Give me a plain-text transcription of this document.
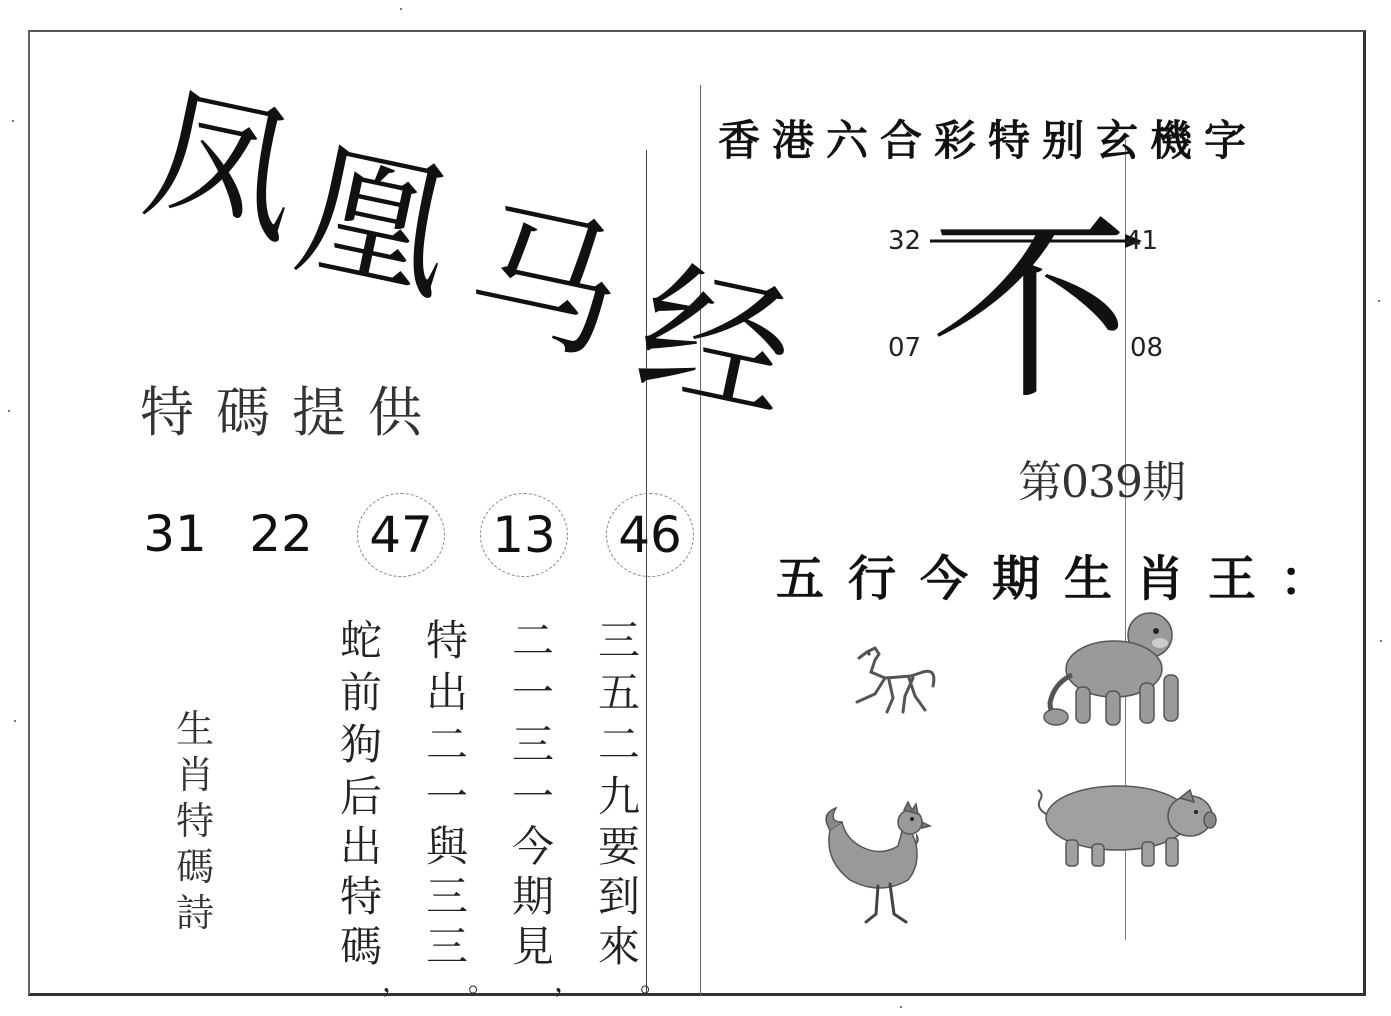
凤
凰
马
经
特碼提供
31 22 47 13 46
生
肖
特
碼
詩
蛇特二三
前出一五
狗二三二
后一一九
出與今要
特三期到
碼三見來
，。，。
香港六合彩特别玄機字
不
32	41
07	08
第039期
五行今期生肖王：
